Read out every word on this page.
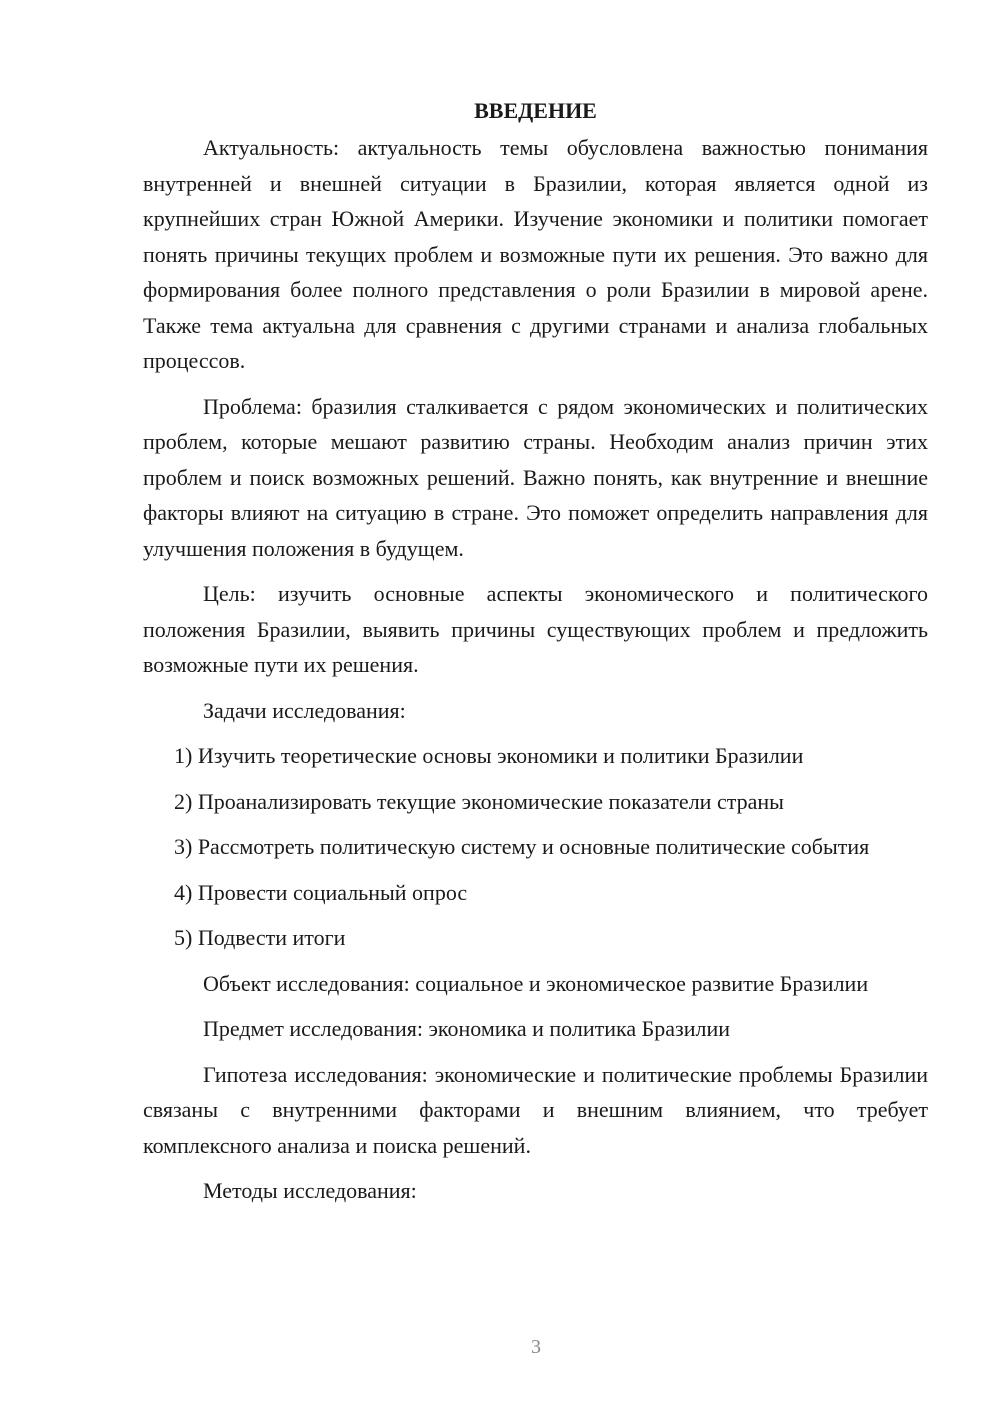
ВВЕДЕНИЕ

Актуальность: актуальность темы обусловлена важностью понимания внутренней и внешней ситуации в Бразилии, которая является одной из крупнейших стран Южной Америки. Изучение экономики и политики помогает понять причины текущих проблем и возможные пути их решения. Это важно для формирования более полного представления о роли Бразилии в мировой арене. Также тема актуальна для сравнения с другими странами и анализа глобальных процессов.

Проблема: бразилия сталкивается с рядом экономических и политических проблем, которые мешают развитию страны. Необходим анализ причин этих проблем и поиск возможных решений. Важно понять, как внутренние и внешние факторы влияют на ситуацию в стране. Это поможет определить направления для улучшения положения в будущем.

Цель: изучить основные аспекты экономического и политического положения Бразилии, выявить причины существующих проблем и предложить возможные пути их решения.

Задачи исследования:

1) Изучить теоретические основы экономики и политики Бразилии

2) Проанализировать текущие экономические показатели страны

3) Рассмотреть политическую систему и основные политические события

4) Провести социальный опрос

5) Подвести итоги

Объект исследования: социальное и экономическое развитие Бразилии

Предмет исследования: экономика и политика Бразилии

Гипотеза исследования: экономические и политические проблемы Бразилии связаны с внутренними факторами и внешним влиянием, что требует комплексного анализа и поиска решений.

Методы исследования:

3
